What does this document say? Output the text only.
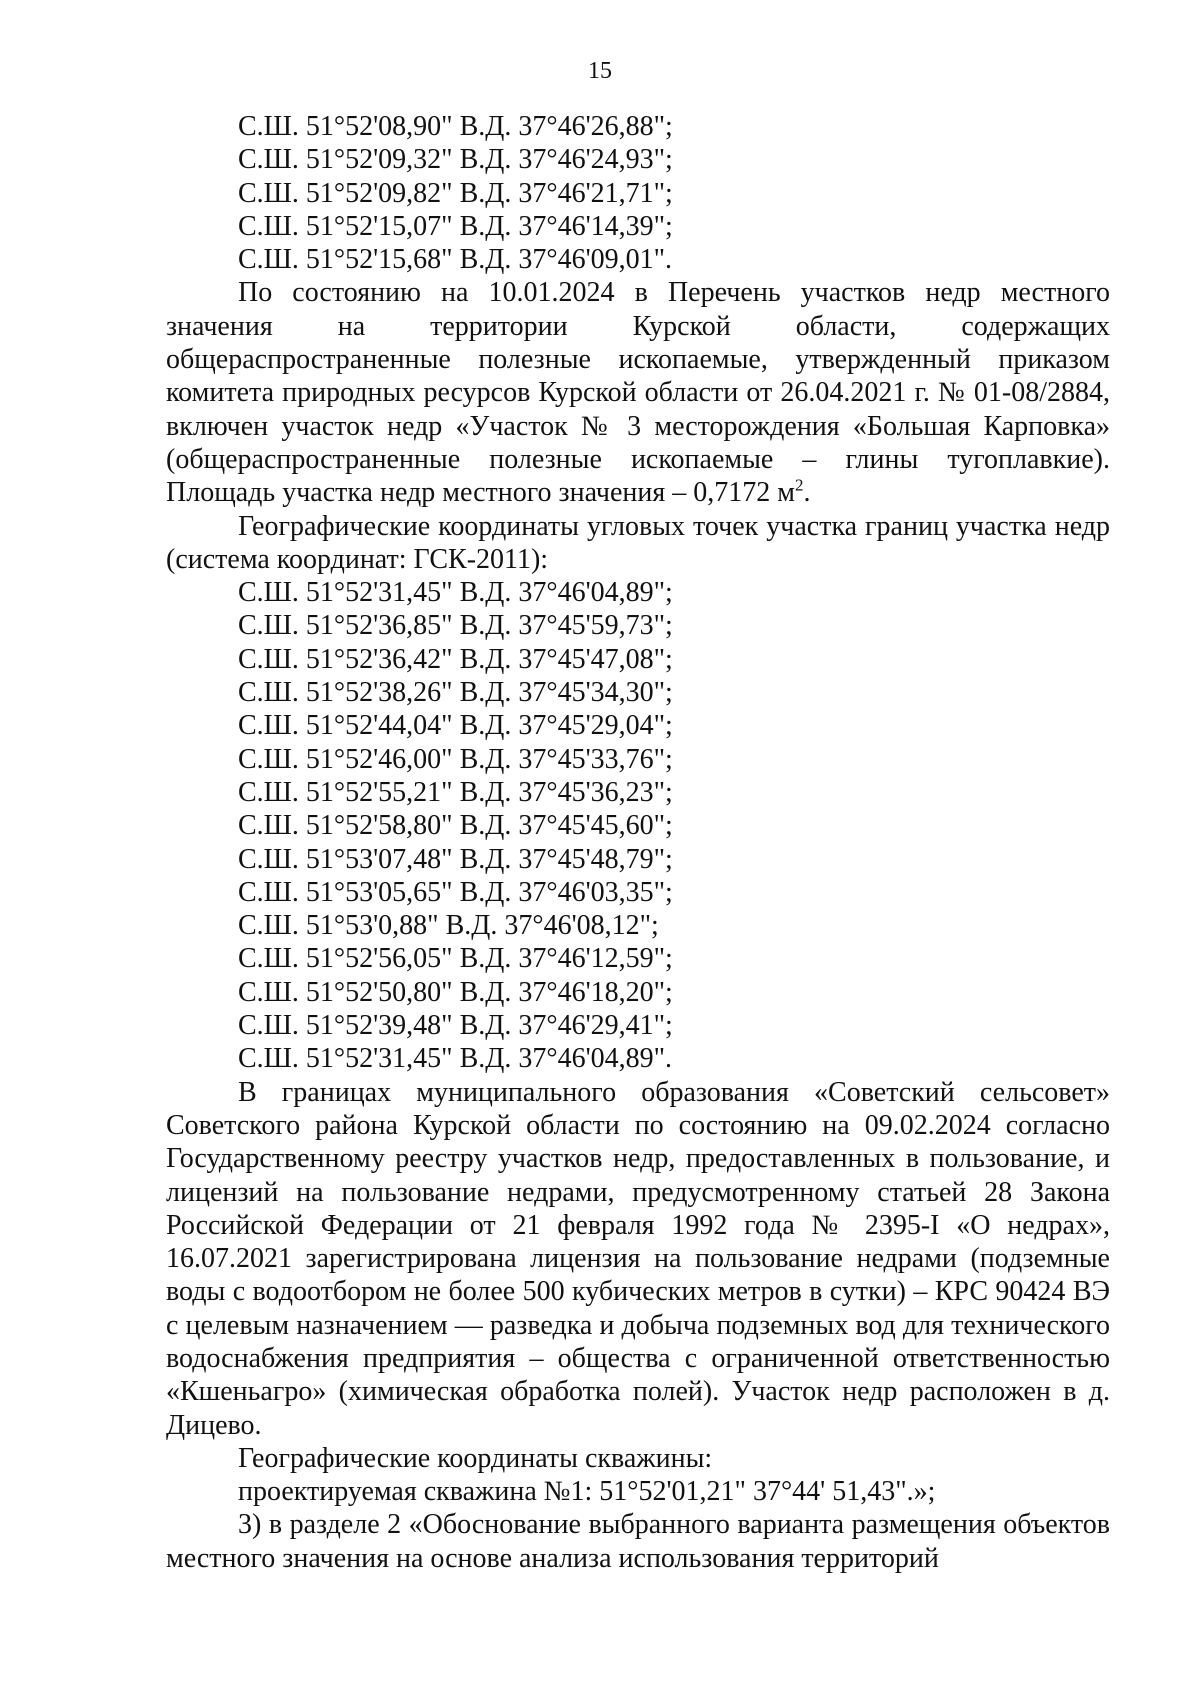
15

С.Ш. 51°52'08,90" В.Д. 37°46'26,88";

С.Ш. 51°52'09,32" В.Д. 37°46'24,93";

С.Ш. 51°52'09,82" В.Д. 37°46'21,71";

С.Ш. 51°52'15,07" В.Д. 37°46'14,39";

С.Ш. 51°52'15,68" В.Д. 37°46'09,01".

По состоянию на 10.01.2024 в Перечень участков недр местного значения на территории Курской области, содержащих общераспространенные полезные ископаемые, утвержденный приказом комитета природных ресурсов Курской области от 26.04.2021 г. № 01-08/2884, включен участок недр «Участок № 3 месторождения «Большая Карповка» (общераспространенные полезные ископаемые – глины тугоплавкие). Площадь участка недр местного значения – 0,7172 $м^2$.

Географические координаты угловых точек участка границ участка недр (система координат: ГСК-2011):

С.Ш. 51°52'31,45" В.Д. 37°46'04,89";

С.Ш. 51°52'36,85" В.Д. 37°45'59,73";

С.Ш. 51°52'36,42" В.Д. 37°45'47,08";

С.Ш. 51°52'38,26" В.Д. 37°45'34,30";

С.Ш. 51°52'44,04" В.Д. 37°45'29,04";

С.Ш. 51°52'46,00" В.Д. 37°45'33,76";

С.Ш. 51°52'55,21" В.Д. 37°45'36,23";

С.Ш. 51°52'58,80" В.Д. 37°45'45,60";

С.Ш. 51°53'07,48" В.Д. 37°45'48,79";

С.Ш. 51°53'05,65" В.Д. 37°46'03,35";

С.Ш. 51°53'0,88" В.Д. 37°46'08,12";

С.Ш. 51°52'56,05" В.Д. 37°46'12,59";

С.Ш. 51°52'50,80" В.Д. 37°46'18,20";

С.Ш. 51°52'39,48" В.Д. 37°46'29,41";

С.Ш. 51°52'31,45" В.Д. 37°46'04,89".

В границах муниципального образования «Советский сельсовет» Советского района Курской области по состоянию на 09.02.2024 согласно Государственному реестру участков недр, предоставленных в пользование, и лицензий на пользование недрами, предусмотренному статьей 28 Закона Российской Федерации от 21 февраля 1992 года № 2395-I «О недрах», 16.07.2021 зарегистрирована лицензия на пользование недрами (подземные воды с водоотбором не более 500 кубических метров в сутки) – КРС 90424 ВЭ с целевым назначением — разведка и добыча подземных вод для технического водоснабжения предприятия – общества с ограниченной ответственностью «Кшеньагро» (химическая обработка полей). Участок недр расположен в д. Дицево.

Географические координаты скважины:

проектируемая скважина №1: 51°52'01,21" 37°44' 51,43".»;

3) в разделе 2 «Обоснование выбранного варианта размещения объектов местного значения на основе анализа использования территорий
